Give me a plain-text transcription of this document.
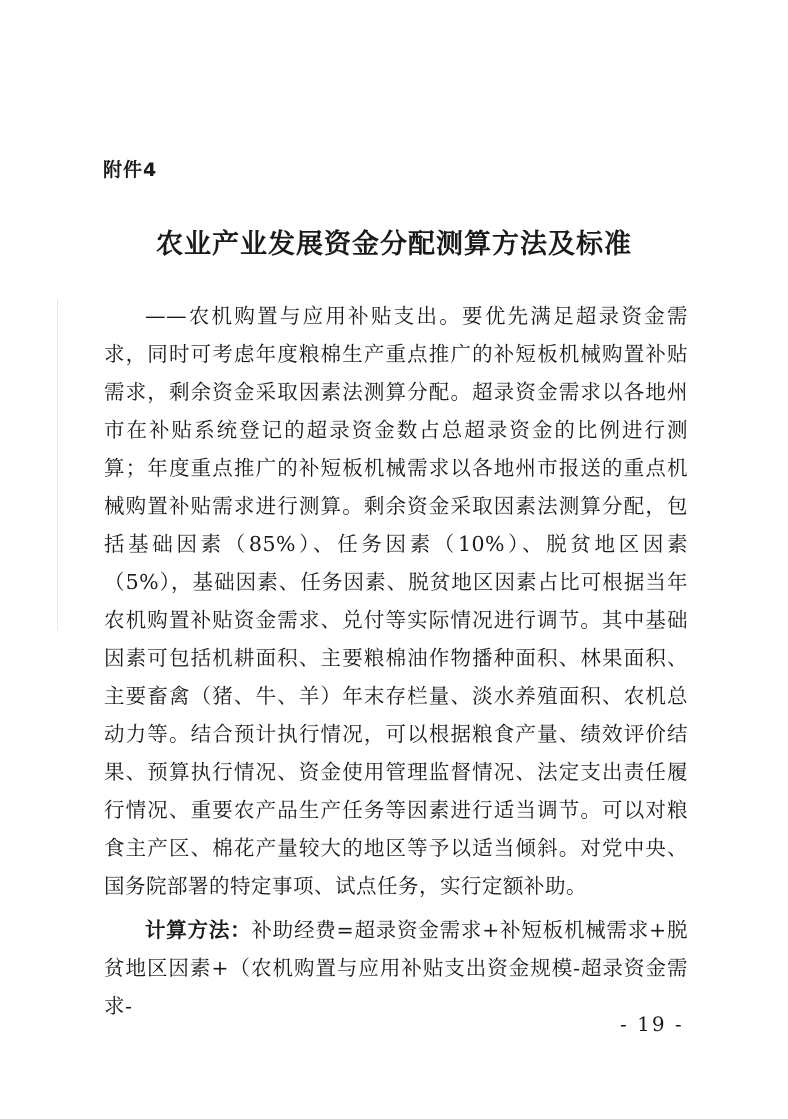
附件4
农业产业发展资金分配测算方法及标准

——农机购置与应用补贴支出。要优先满足超录资金需求，同时可考虑年度粮棉生产重点推广的补短板机械购置补贴需求，剩余资金采取因素法测算分配。超录资金需求以各地州市在补贴系统登记的超录资金数占总超录资金的比例进行测算；年度重点推广的补短板机械需求以各地州市报送的重点机械购置补贴需求进行测算。剩余资金采取因素法测算分配，包括基础因素（85%）、任务因素（10%）、脱贫地区因素（5%），基础因素、任务因素、脱贫地区因素占比可根据当年农机购置补贴资金需求、兑付等实际情况进行调节。其中基础因素可包括机耕面积、主要粮棉油作物播种面积、林果面积、主要畜禽（猪、牛、羊）年末存栏量、淡水养殖面积、农机总动力等。结合预计执行情况，可以根据粮食产量、绩效评价结果、预算执行情况、资金使用管理监督情况、法定支出责任履行情况、重要农产品生产任务等因素进行适当调节。可以对粮食主产区、棉花产量较大的地区等予以适当倾斜。对党中央、国务院部署的特定事项、试点任务，实行定额补助。

计算方法：补助经费=超录资金需求+补短板机械需求+脱贫地区因素+（农机购置与应用补贴支出资金规模-超录资金需求-

- 19 -
